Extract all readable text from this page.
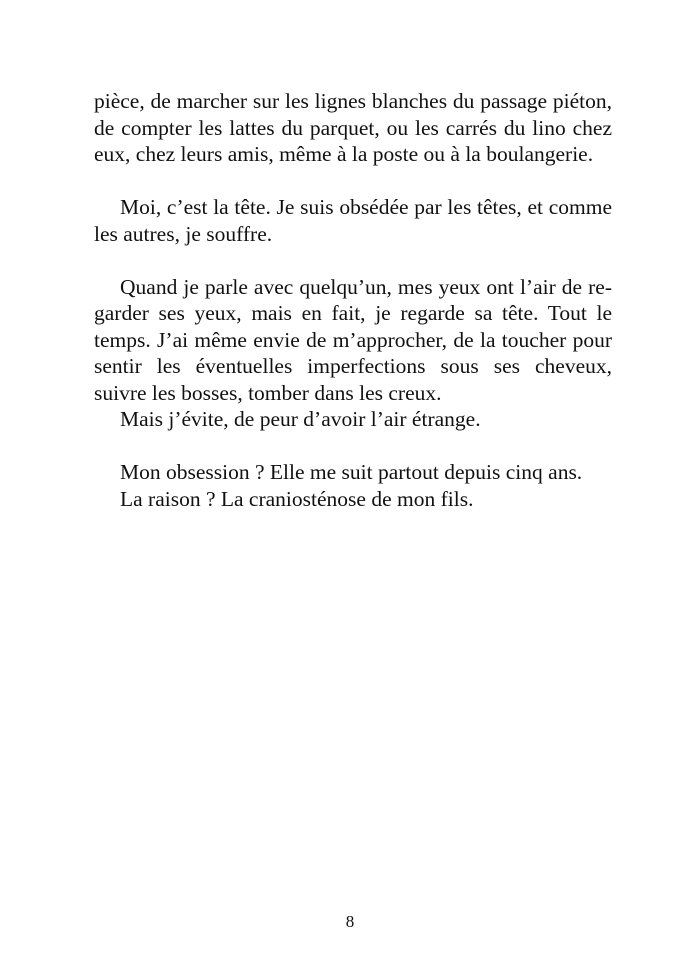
pièce, de marcher sur les lignes blanches du passage piéton, de compter les lattes du parquet, ou les carrés du lino chez eux, chez leurs amis, même à la poste ou à la boulangerie.

Moi, c’est la tête. Je suis obsédée par les têtes, et comme les autres, je souffre.

Quand je parle avec quelqu’un, mes yeux ont l’air de regarder ses yeux, mais en fait, je regarde sa tête. Tout le temps. J’ai même envie de m’approcher, de la toucher pour sentir les éventuelles imperfections sous ses cheveux, suivre les bosses, tomber dans les creux.

Mais j’évite, de peur d’avoir l’air étrange.

Mon obsession ? Elle me suit partout depuis cinq ans.

La raison ? La craniosténose de mon fils.

8
